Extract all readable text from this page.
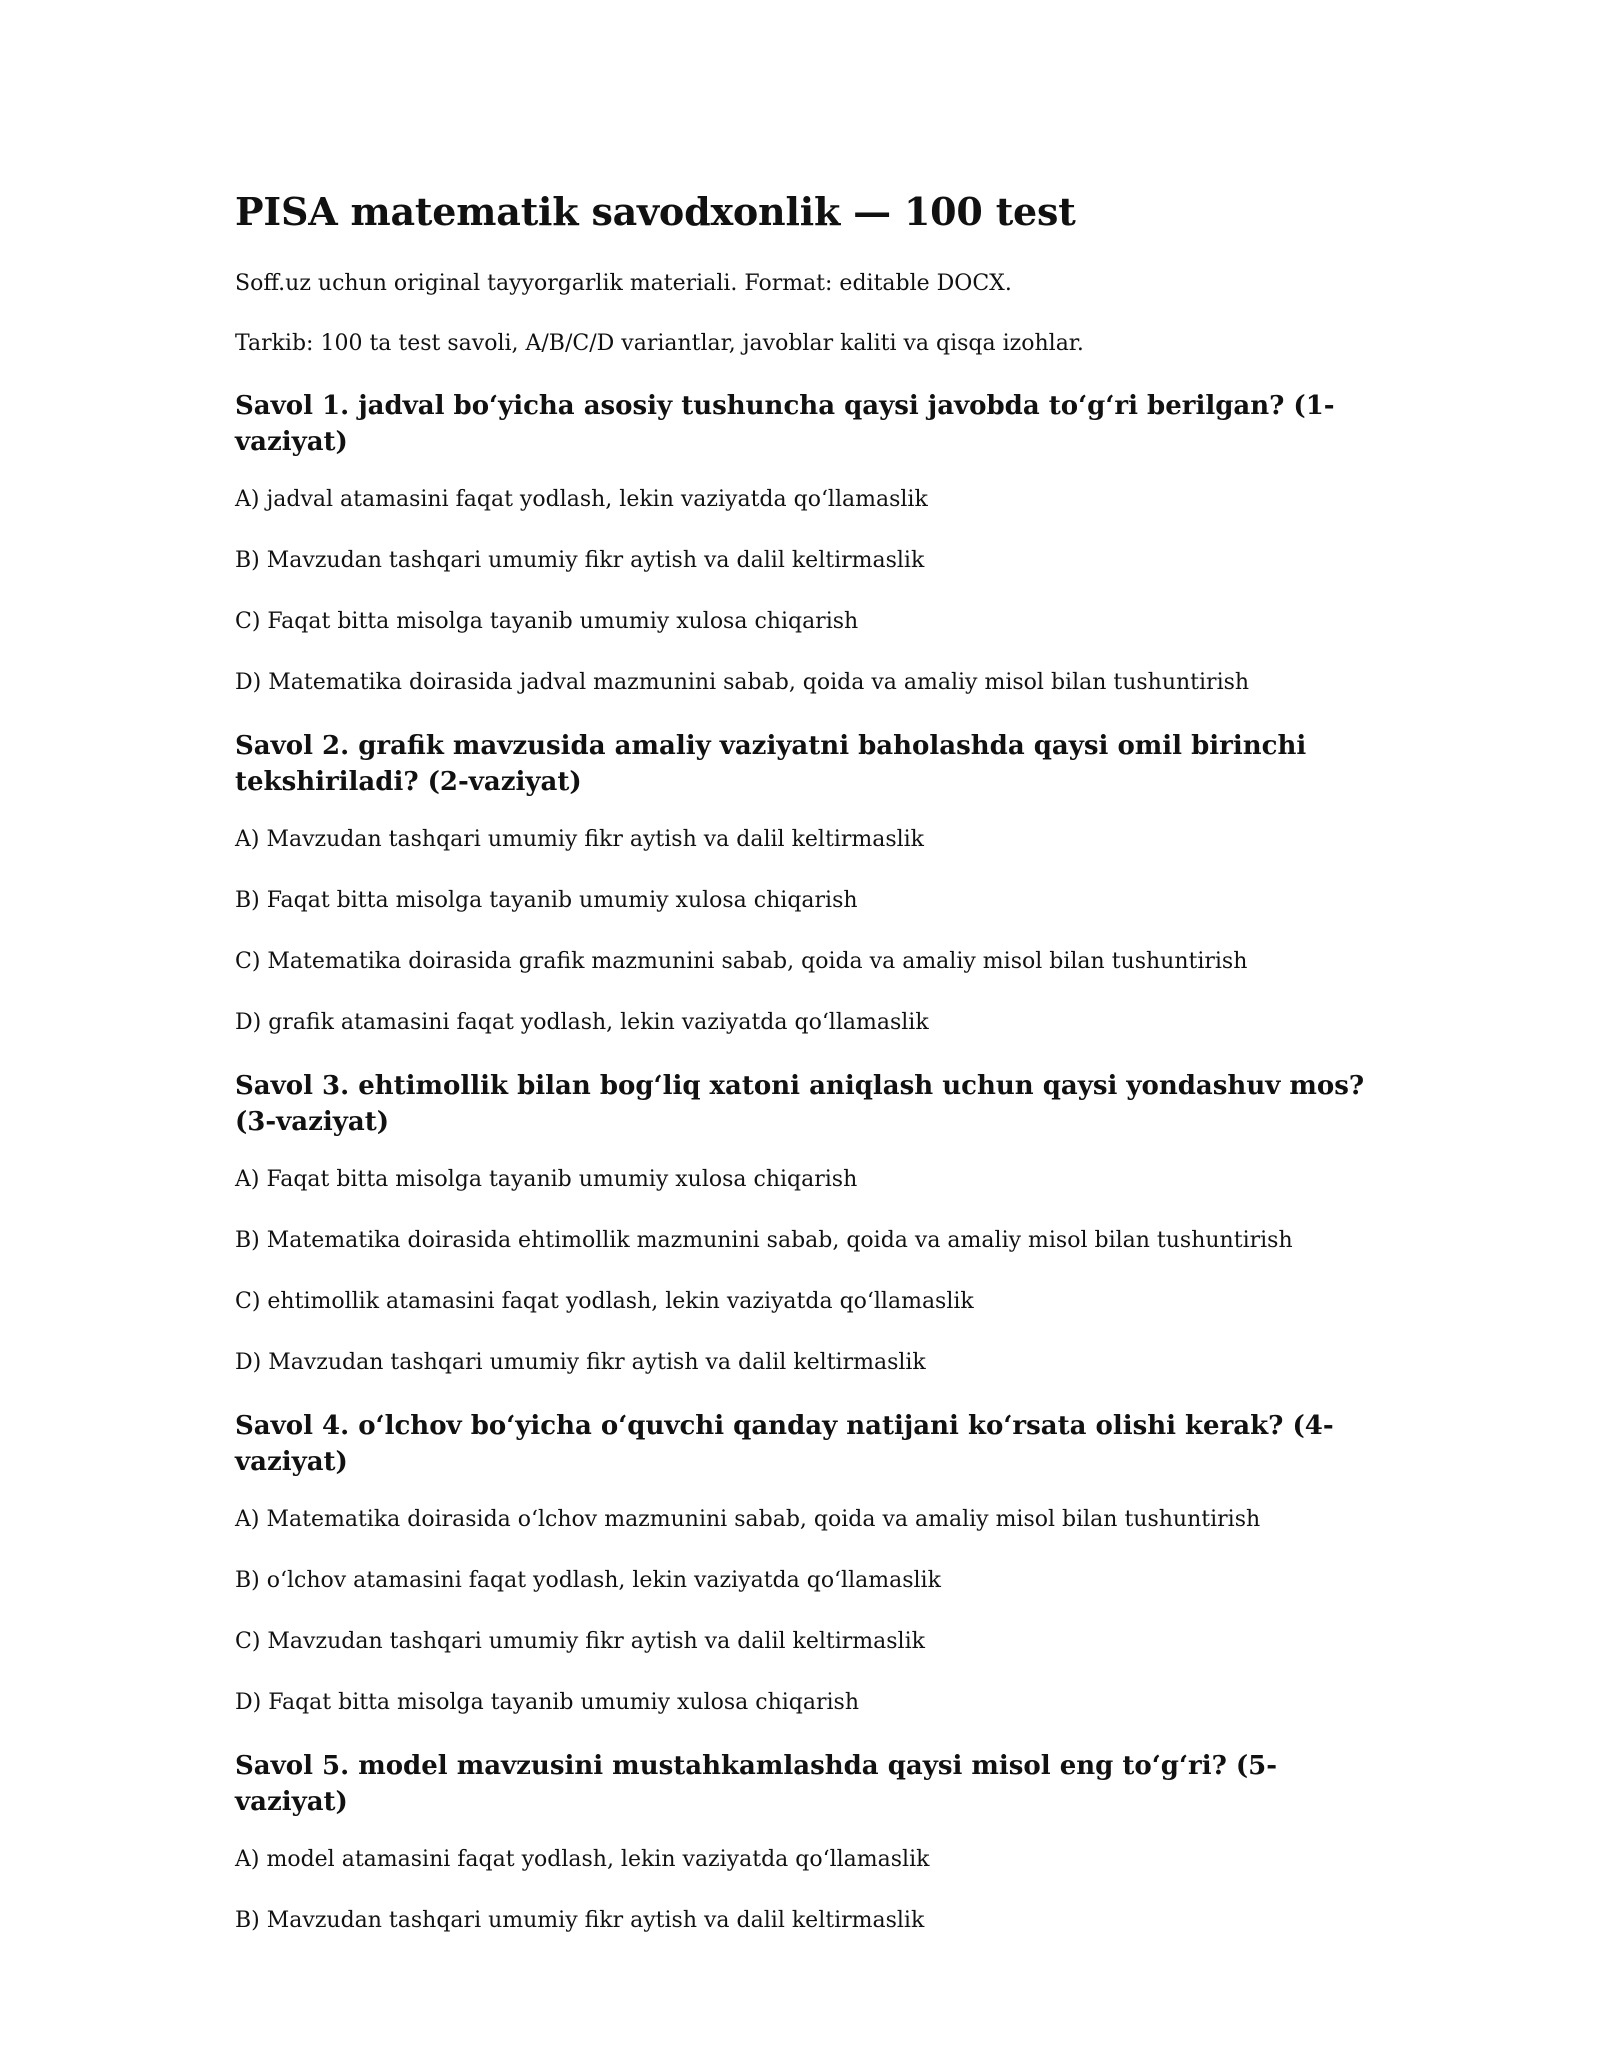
PISA matematik savodxonlik — 100 test

Soff.uz uchun original tayyorgarlik materiali. Format: editable DOCX.

Tarkib: 100 ta test savoli, A/B/C/D variantlar, javoblar kaliti va qisqa izohlar.

Savol 1. jadval bo‘yicha asosiy tushuncha qaysi javobda to‘g‘ri berilgan? (1-vaziyat)

A) jadval atamasini faqat yodlash, lekin vaziyatda qo‘llamaslik

B) Mavzudan tashqari umumiy fikr aytish va dalil keltirmaslik

C) Faqat bitta misolga tayanib umumiy xulosa chiqarish

D) Matematika doirasida jadval mazmunini sabab, qoida va amaliy misol bilan tushuntirish

Savol 2. grafik mavzusida amaliy vaziyatni baholashda qaysi omil birinchi tekshiriladi? (2-vaziyat)

A) Mavzudan tashqari umumiy fikr aytish va dalil keltirmaslik

B) Faqat bitta misolga tayanib umumiy xulosa chiqarish

C) Matematika doirasida grafik mazmunini sabab, qoida va amaliy misol bilan tushuntirish

D) grafik atamasini faqat yodlash, lekin vaziyatda qo‘llamaslik

Savol 3. ehtimollik bilan bog‘liq xatoni aniqlash uchun qaysi yondashuv mos? (3-vaziyat)

A) Faqat bitta misolga tayanib umumiy xulosa chiqarish

B) Matematika doirasida ehtimollik mazmunini sabab, qoida va amaliy misol bilan tushuntirish

C) ehtimollik atamasini faqat yodlash, lekin vaziyatda qo‘llamaslik

D) Mavzudan tashqari umumiy fikr aytish va dalil keltirmaslik

Savol 4. o‘lchov bo‘yicha o‘quvchi qanday natijani ko‘rsata olishi kerak? (4-vaziyat)

A) Matematika doirasida o‘lchov mazmunini sabab, qoida va amaliy misol bilan tushuntirish

B) o‘lchov atamasini faqat yodlash, lekin vaziyatda qo‘llamaslik

C) Mavzudan tashqari umumiy fikr aytish va dalil keltirmaslik

D) Faqat bitta misolga tayanib umumiy xulosa chiqarish

Savol 5. model mavzusini mustahkamlashda qaysi misol eng to‘g‘ri? (5-vaziyat)

A) model atamasini faqat yodlash, lekin vaziyatda qo‘llamaslik

B) Mavzudan tashqari umumiy fikr aytish va dalil keltirmaslik
